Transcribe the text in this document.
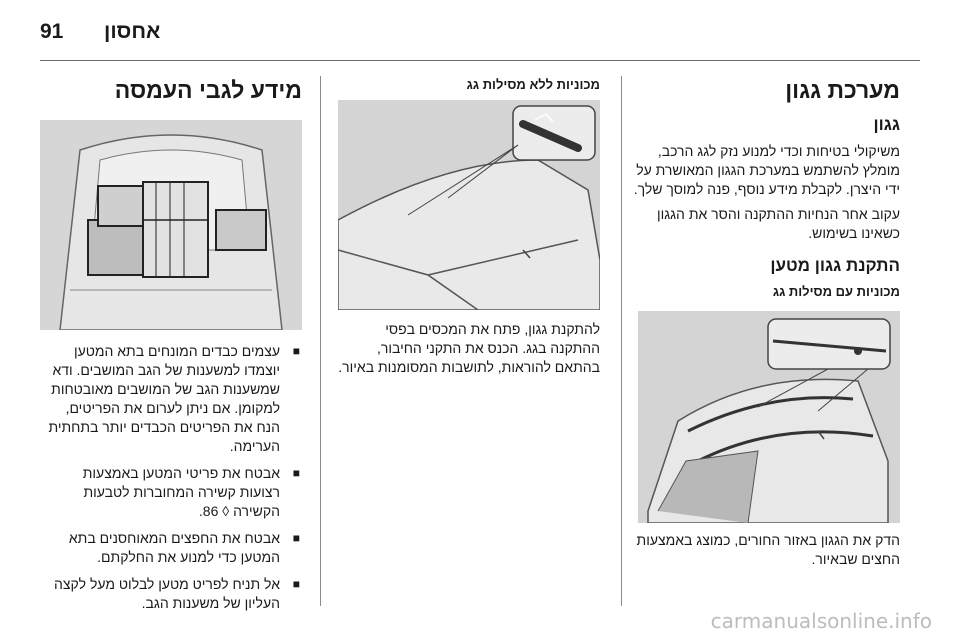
91 אחסון
מערכת גגון
גגון

משיקולי בטיחות וכדי למנוע נזק לגג הרכב, מומלץ להשתמש במערכת הגגון המאושרת על ידי היצרן. לקבלת מידע נוסף, פנה למוסך שלך.

עקוב אחר הנחיות ההתקנה והסר את הגגון כשאינו בשימוש.

התקנת גגון מטען
מכוניות עם מסילות גג

הדק את הגגון באזור החורים, כמוצג באמצעות החצים שבאיור.

מכוניות ללא מסילות גג

להתקנת גגון, פתח את המכסים בפסי ההתקנה בגג. הכנס את התקני החיבור, בהתאם להוראות, לתושבות המסומנות באיור.

מידע לגבי העמסה
■
עצמים כבדים המונחים בתא המטען יוצמדו למשענות של הגב המושבים. ודא שמשענות הגב של המושבים מאובטחות למקומן. אם ניתן לערום את הפריטים, הנח את הפריטים הכבדים יותר בתחתית הערימה.
■
אבטח את פריטי המטען באמצעות רצועות קשירה המחוברות לטבעות הקשירה ◊ 86.
■
אבטח את החפצים המאוחסנים בתא המטען כדי למנוע את החלקתם.
■
אל תניח לפריט מטען לבלוט מעל לקצה העליון של משענות הגב.
carmanualsonline.info
